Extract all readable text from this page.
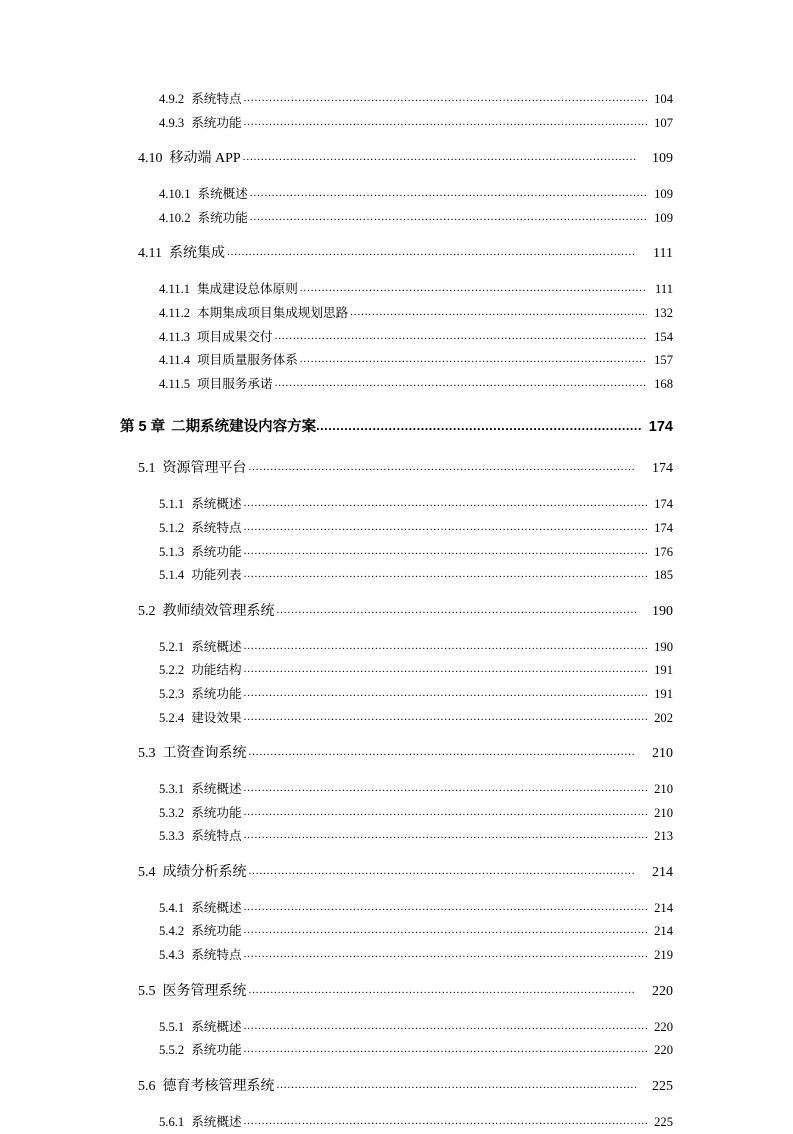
4.9.2 系统特点 .....	104
4.9.3 系统功能 .....	107
4.10 移动端 APP .....	109
4.10.1 系统概述 .....	109
4.10.2 系统功能 .....	109
4.11 系统集成 .....	111
4.11.1 集成建设总体原则 .....	111
4.11.2 本期集成项目集成规划思路 .....	132
4.11.3 项目成果交付 .....	154
4.11.4 项目质量服务体系 .....	157
4.11.5 项目服务承诺 .....	168
第 5 章 二期系统建设内容方案 .....	174
5.1 资源管理平台 .....	174
5.1.1 系统概述 .....	174
5.1.2 系统特点 .....	174
5.1.3 系统功能 .....	176
5.1.4 功能列表 .....	185
5.2 教师绩效管理系统 .....	190
5.2.1 系统概述 .....	190
5.2.2 功能结构 .....	191
5.2.3 系统功能 .....	191
5.2.4 建设效果 .....	202
5.3 工资查询系统 .....	210
5.3.1 系统概述 .....	210
5.3.2 系统功能 .....	210
5.3.3 系统特点 .....	213
5.4 成绩分析系统 .....	214
5.4.1 系统概述 .....	214
5.4.2 系统功能 .....	214
5.4.3 系统特点 .....	219
5.5 医务管理系统 .....	220
5.5.1 系统概述 .....	220
5.5.2 系统功能 .....	220
5.6 德育考核管理系统 .....	225
5.6.1 系统概述 .....	225
